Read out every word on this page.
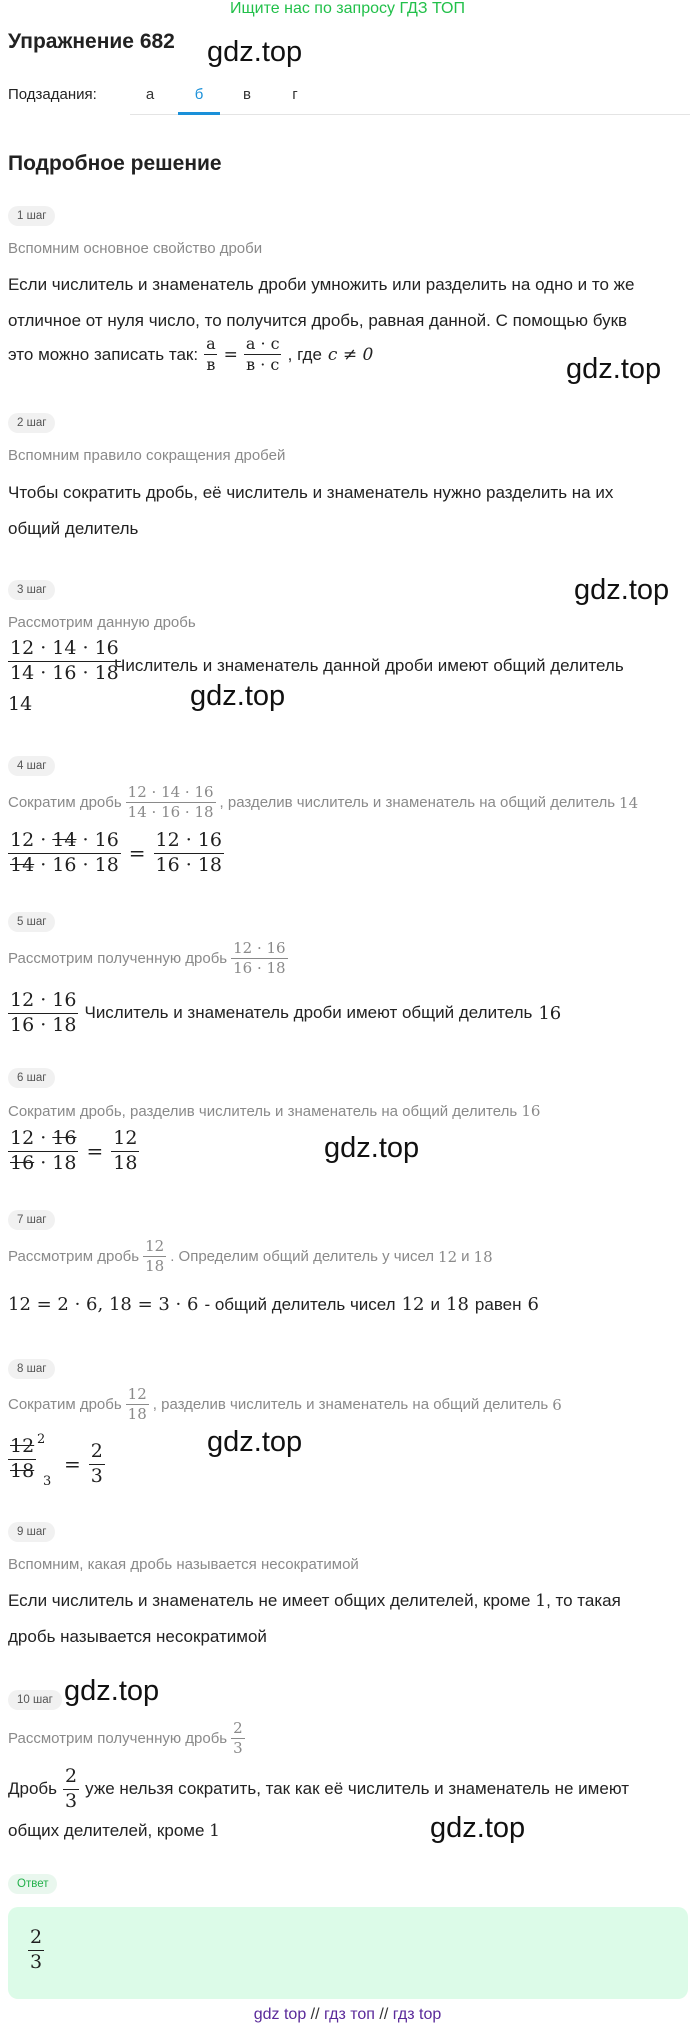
Ищите нас по запросу ГДЗ ТОП
Упражнение 682 gdz.top
Подзадания:	а	б	в	г
Подробное решение
1 шаг
Вспомним основное свойство дроби
Если числитель и знаменатель дроби умножить или разделить на одно и то же
отличное от нуля число, то получится дробь, равная данной. С помощью букв
это можно записать так: $\frac{a}{в} = \frac{a \cdot c}{в \cdot c}$ , где c ≠ 0	gdz.top
2 шаг
Вспомним правило сокращения дробей
Чтобы сократить дробь, её числитель и знаменатель нужно разделить на их
общий делитель
3 шаг	gdz.top
Рассмотрим данную дробь
$\frac{12 \cdot 14 \cdot 16}{14 \cdot 16 \cdot 18}$
Числитель и знаменатель данной дроби имеют общий делитель
14	gdz.top
4 шаг
Сократим дробь $\frac{12 \cdot 14 \cdot 16}{14 \cdot 16 \cdot 18}$ , разделив числитель и знаменатель на общий делитель 14
$\frac{12 \cdot 14 \cdot 16}{14 \cdot 16 \cdot 18} = \frac{12 \cdot 16}{16 \cdot 18}$
5 шаг
Рассмотрим полученную дробь $\frac{12 \cdot 16}{16 \cdot 18}$
$\frac{12 \cdot 16}{16 \cdot 18}$ Числитель и знаменатель дроби имеют общий делитель 16
6 шаг
Сократим дробь, разделив числитель и знаменатель на общий делитель 16
$\frac{12 \cdot 16}{16 \cdot 18} = \frac{12}{18}$	gdz.top
7 шаг
Рассмотрим дробь $\frac{12}{18}$ . Определим общий делитель у чисел 12 и 18
12 = 2 · 6, 18 = 3 · 6 - общий делитель чисел 12 и 18 равен 6
8 шаг
Сократим дробь $\frac{12}{18}$ , разделив числитель и знаменатель на общий делитель 6
$\frac{12}{18} 2$
3
= $\frac{2}{3}$	gdz.top
9 шаг
Вспомним, какая дробь называется несократимой
Если числитель и знаменатель не имеет общих делителей, кроме 1, то такая
дробь называется несократимой
10 шаг gdz.top
Рассмотрим полученную дробь $\frac{2}{3}$
Дробь $\frac{2}{3}$ уже нельзя сократить, так как её числитель и знаменатель не имеют
общих делителей, кроме 1	gdz.top
Ответ
$\frac{2}{3}$
gdz top // гдз топ // гдз top
